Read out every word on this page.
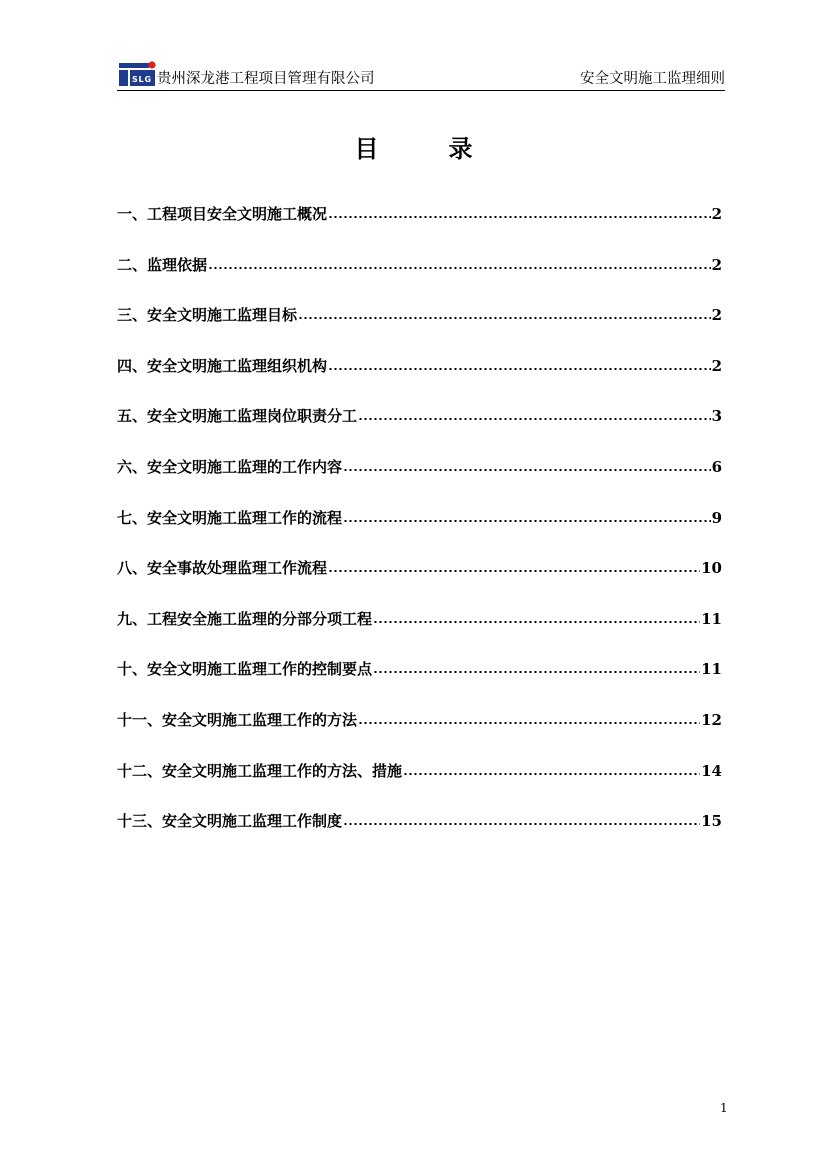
SLG 贵州深龙港工程项目管理有限公司	安全文明施工监理细则
目	录
一、工程项目安全文明施工概况	2
二、监理依据	2
三、安全文明施工监理目标	2
四、安全文明施工监理组织机构	2
五、安全文明施工监理岗位职责分工	3
六、安全文明施工监理的工作内容	6
七、安全文明施工监理工作的流程	9
八、安全事故处理监理工作流程	10
九、工程安全施工监理的分部分项工程	11
十、安全文明施工监理工作的控制要点	11
十一、安全文明施工监理工作的方法	12
十二、安全文明施工监理工作的方法、措施	14
十三、安全文明施工监理工作制度	15
1
